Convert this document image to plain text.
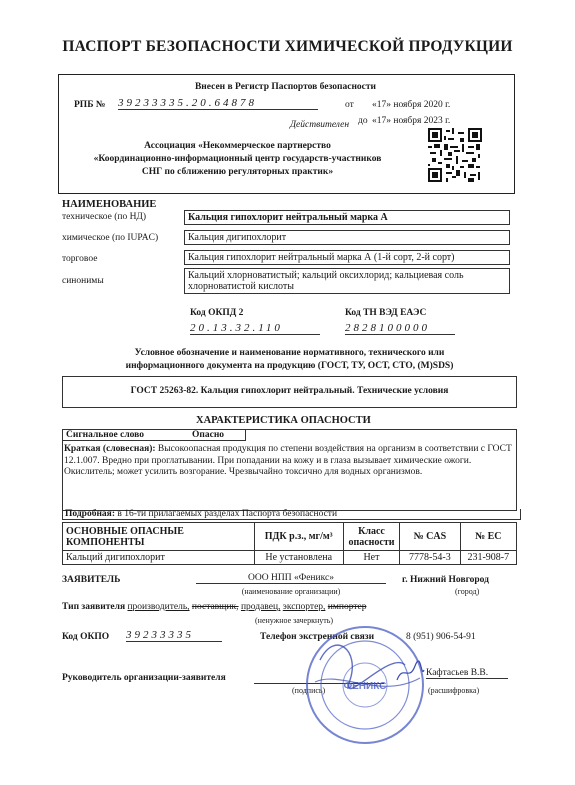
ПАСПОРТ БЕЗОПАСНОСТИ ХИМИЧЕСКОЙ ПРОДУКЦИИ
Внесен в Регистр Паспортов безопасности
РПБ № 39233335.20.64878	от «17» ноября 2020 г.
Действителен до «17» ноября 2023 г.
Ассоциация «Некоммерческое партнерство
«Координационно-информационный центр государств-участников
СНГ по сближению регуляторных практик»
НАИМЕНОВАНИЕ
техническое (по НД)	Кальция гипохлорит нейтральный марка А
химическое (по IUPAC)	Кальция дигипохлорит
торговое	Кальция гипохлорит нейтральный марка А (1-й сорт, 2-й сорт)
синонимы	Кальций хлорноватистый; кальций оксихлорид; кальциевая соль хлорноватистой кислоты
Код ОКПД 2
20.13.32.110
Код ТН ВЭД ЕАЭС
2828100000
Условное обозначение и наименование нормативного, технического или
информационного документа на продукцию (ГОСТ, ТУ, ОСТ, СТО, (M)SDS)
ГОСТ 25263-82. Кальция гипохлорит нейтральный. Технические условия
ХАРАКТЕРИСТИКА ОПАСНОСТИ
Сигнальное слово	Опасно
Краткая (словесная): Высокоопасная продукция по степени воздействия на организм в соответствии с ГОСТ 12.1.007. Вредно при проглатывании. При попадании на кожу и в глаза вызывает химические ожоги. Окислитель; может усилить возгорание. Чрезвычайно токсично для водных организмов.
Подробная: в 16-ти прилагаемых разделах Паспорта безопасности
ОСНОВНЫЕ ОПАСНЫЕ КОМПОНЕНТЫ	ПДК р.з., мг/м³	Класс опасности	№ CAS	№ ЕС
Кальций дигипохлорит	Не установлена	Нет	7778-54-3	231-908-7
ЗАЯВИТЕЛЬ	ООО НПП «Феникс»
(наименование организации)
г. Нижний Новгород
(город)
Тип заявителя производитель, поставщик, продавец, экспортер, импортер
(ненужное зачеркнуть)
Код ОКПО 39233335	Телефон экстренной связи	8 (951) 906-54-91
Руководитель организации-заявителя
(подпись)
Кафтасьев В.В.
(расшифровка)
ФЕНИКС
